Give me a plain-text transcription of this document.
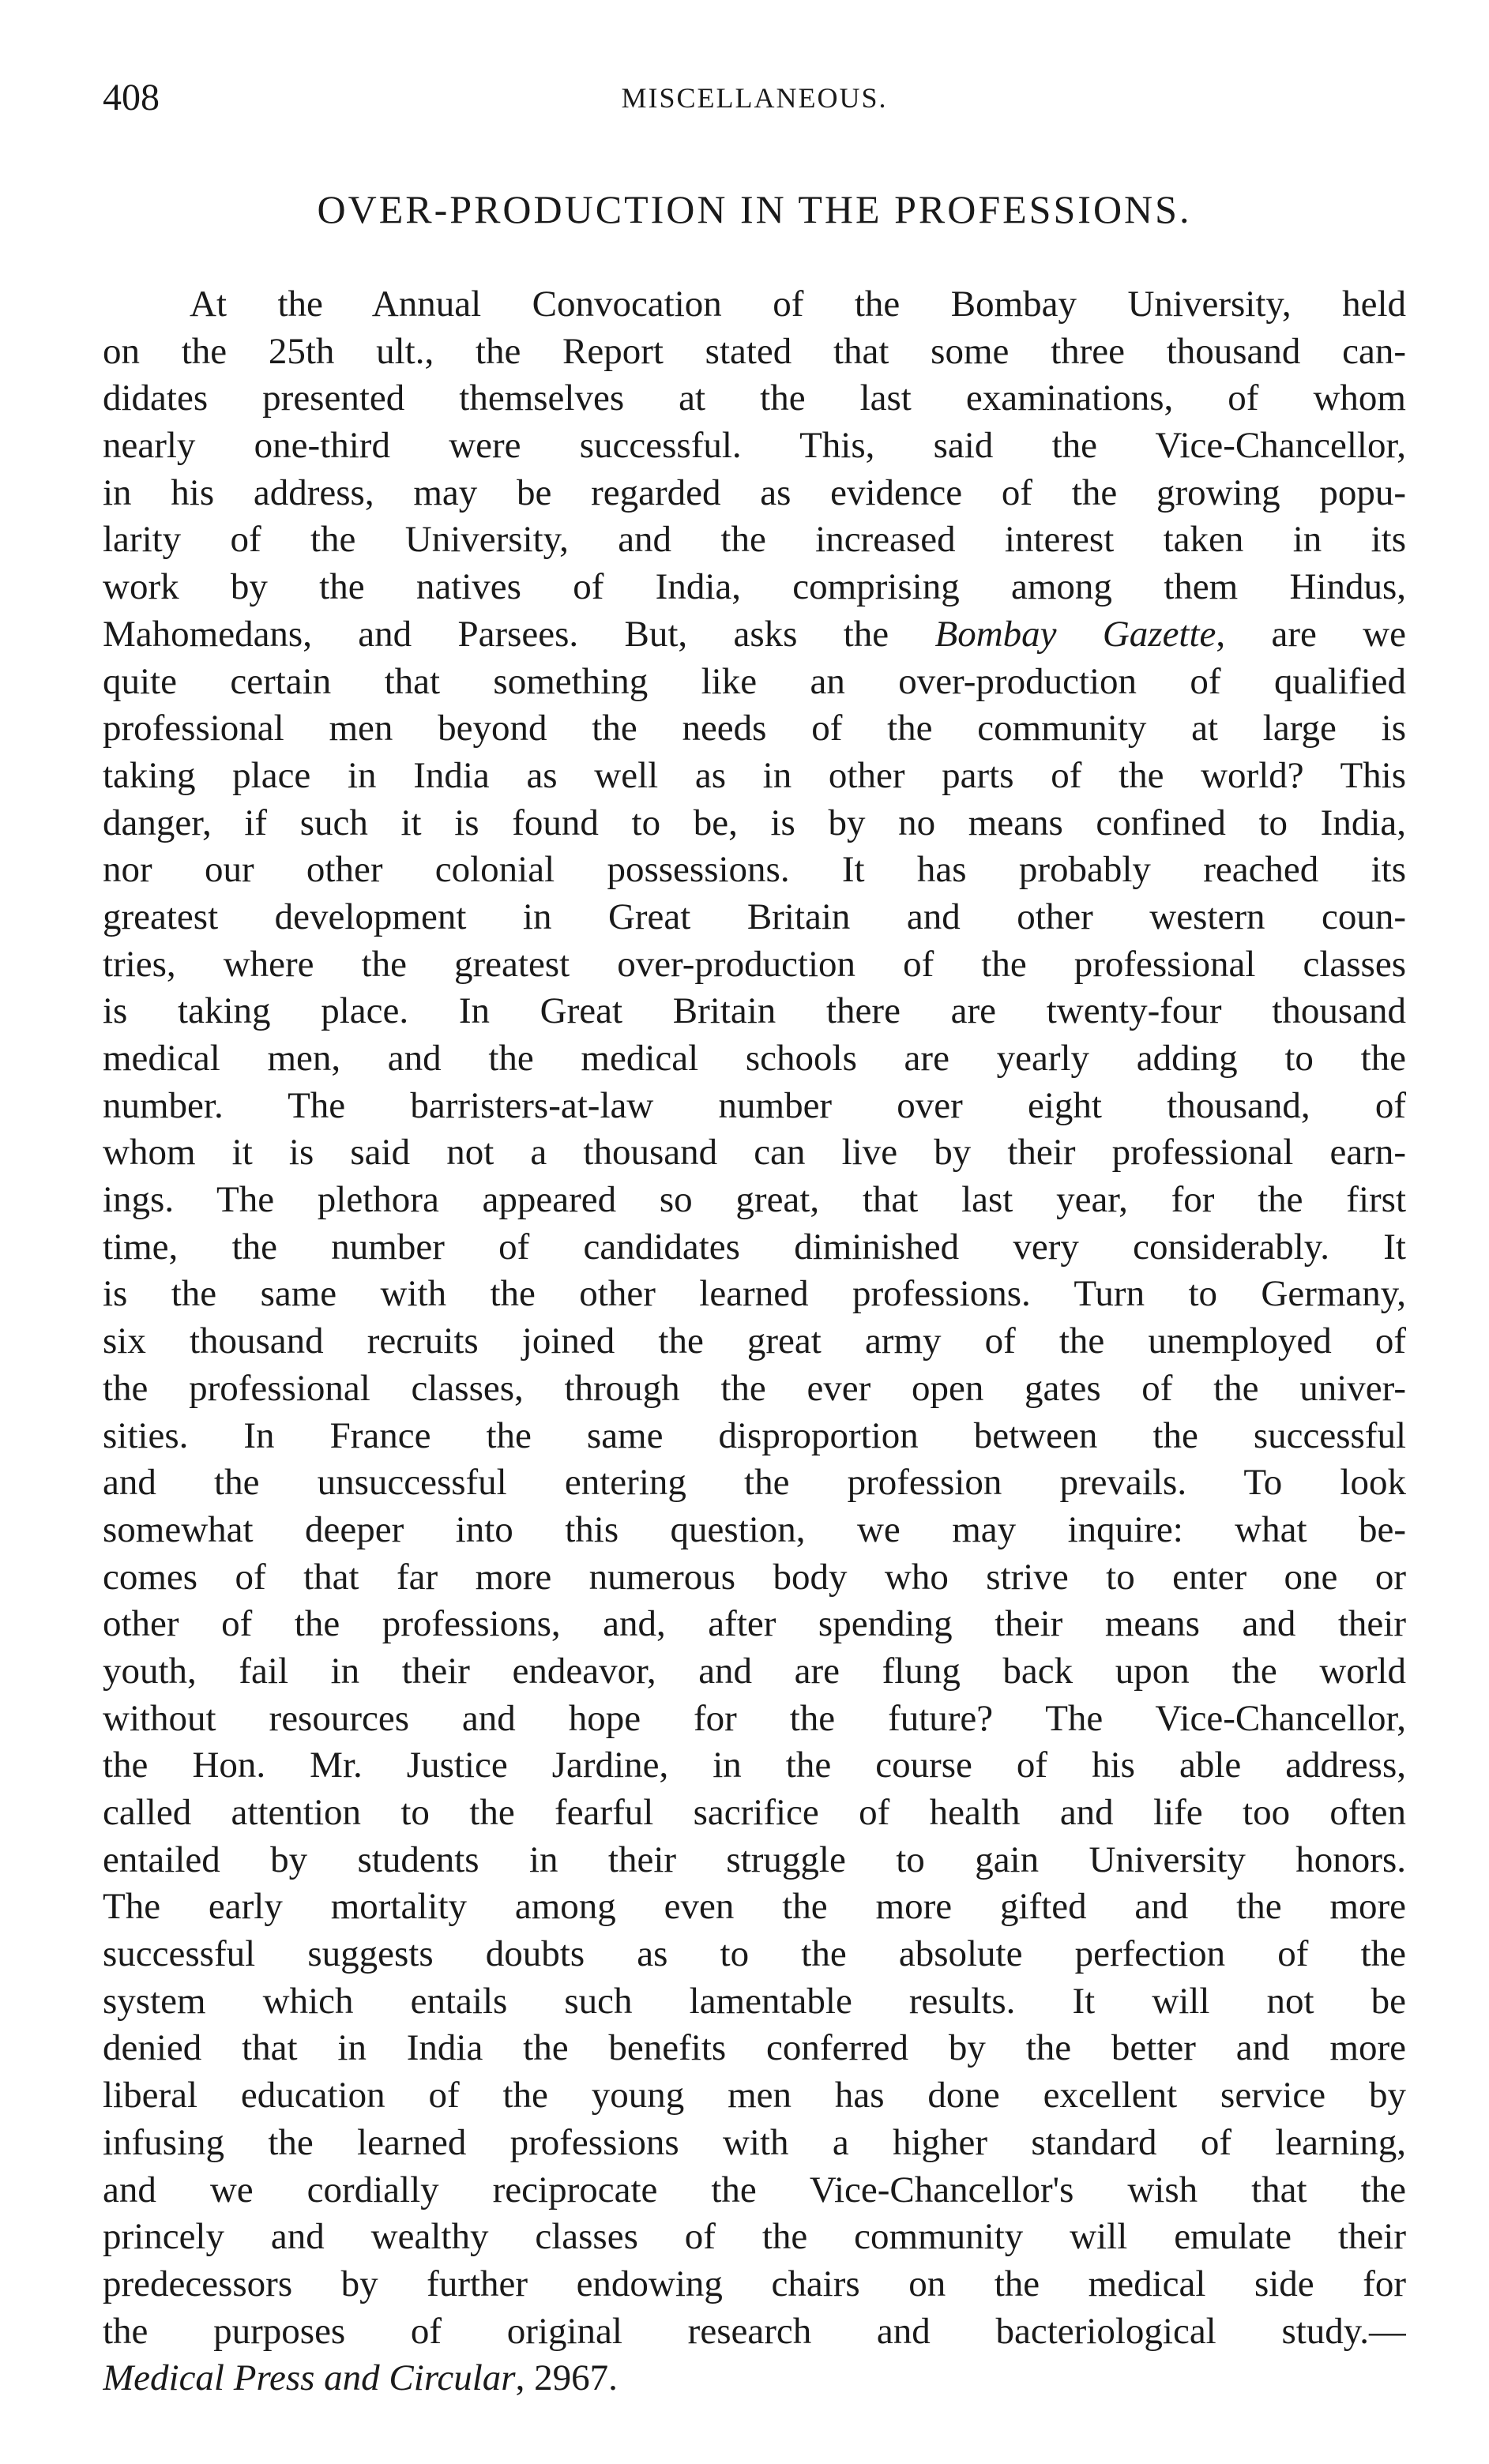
408	MISCELLANEOUS.
OVER-PRODUCTION IN THE PROFESSIONS.
At the Annual Convocation of the Bombay University, held
on the 25th ult., the Report stated that some three thousand can-
didates presented themselves at the last examinations, of whom
nearly one-third were successful. This, said the Vice-Chancellor,
in his address, may be regarded as evidence of the growing popu-
larity of the University, and the increased interest taken in its
work by the natives of India, comprising among them Hindus,
Mahomedans, and Parsees. But, asks the Bombay Gazette, are we
quite certain that something like an over-production of qualified
professional men beyond the needs of the community at large is
taking place in India as well as in other parts of the world? This
danger, if such it is found to be, is by no means confined to India,
nor our other colonial possessions. It has probably reached its
greatest development in Great Britain and other western coun-
tries, where the greatest over-production of the professional classes
is taking place. In Great Britain there are twenty-four thousand
medical men, and the medical schools are yearly adding to the
number. The barristers-at-law number over eight thousand, of
whom it is said not a thousand can live by their professional earn-
ings. The plethora appeared so great, that last year, for the first
time, the number of candidates diminished very considerably. It
is the same with the other learned professions. Turn to Germany,
six thousand recruits joined the great army of the unemployed of
the professional classes, through the ever open gates of the univer-
sities. In France the same disproportion between the successful
and the unsuccessful entering the profession prevails. To look
somewhat deeper into this question, we may inquire: what be-
comes of that far more numerous body who strive to enter one or
other of the professions, and, after spending their means and their
youth, fail in their endeavor, and are flung back upon the world
without resources and hope for the future? The Vice-Chancellor,
the Hon. Mr. Justice Jardine, in the course of his able address,
called attention to the fearful sacrifice of health and life too often
entailed by students in their struggle to gain University honors.
The early mortality among even the more gifted and the more
successful suggests doubts as to the absolute perfection of the
system which entails such lamentable results. It will not be
denied that in India the benefits conferred by the better and more
liberal education of the young men has done excellent service by
infusing the learned professions with a higher standard of learning,
and we cordially reciprocate the Vice-Chancellor's wish that the
princely and wealthy classes of the community will emulate their
predecessors by further endowing chairs on the medical side for
the purposes of original research and bacteriological study.—
Medical Press and Circular, 2967.
